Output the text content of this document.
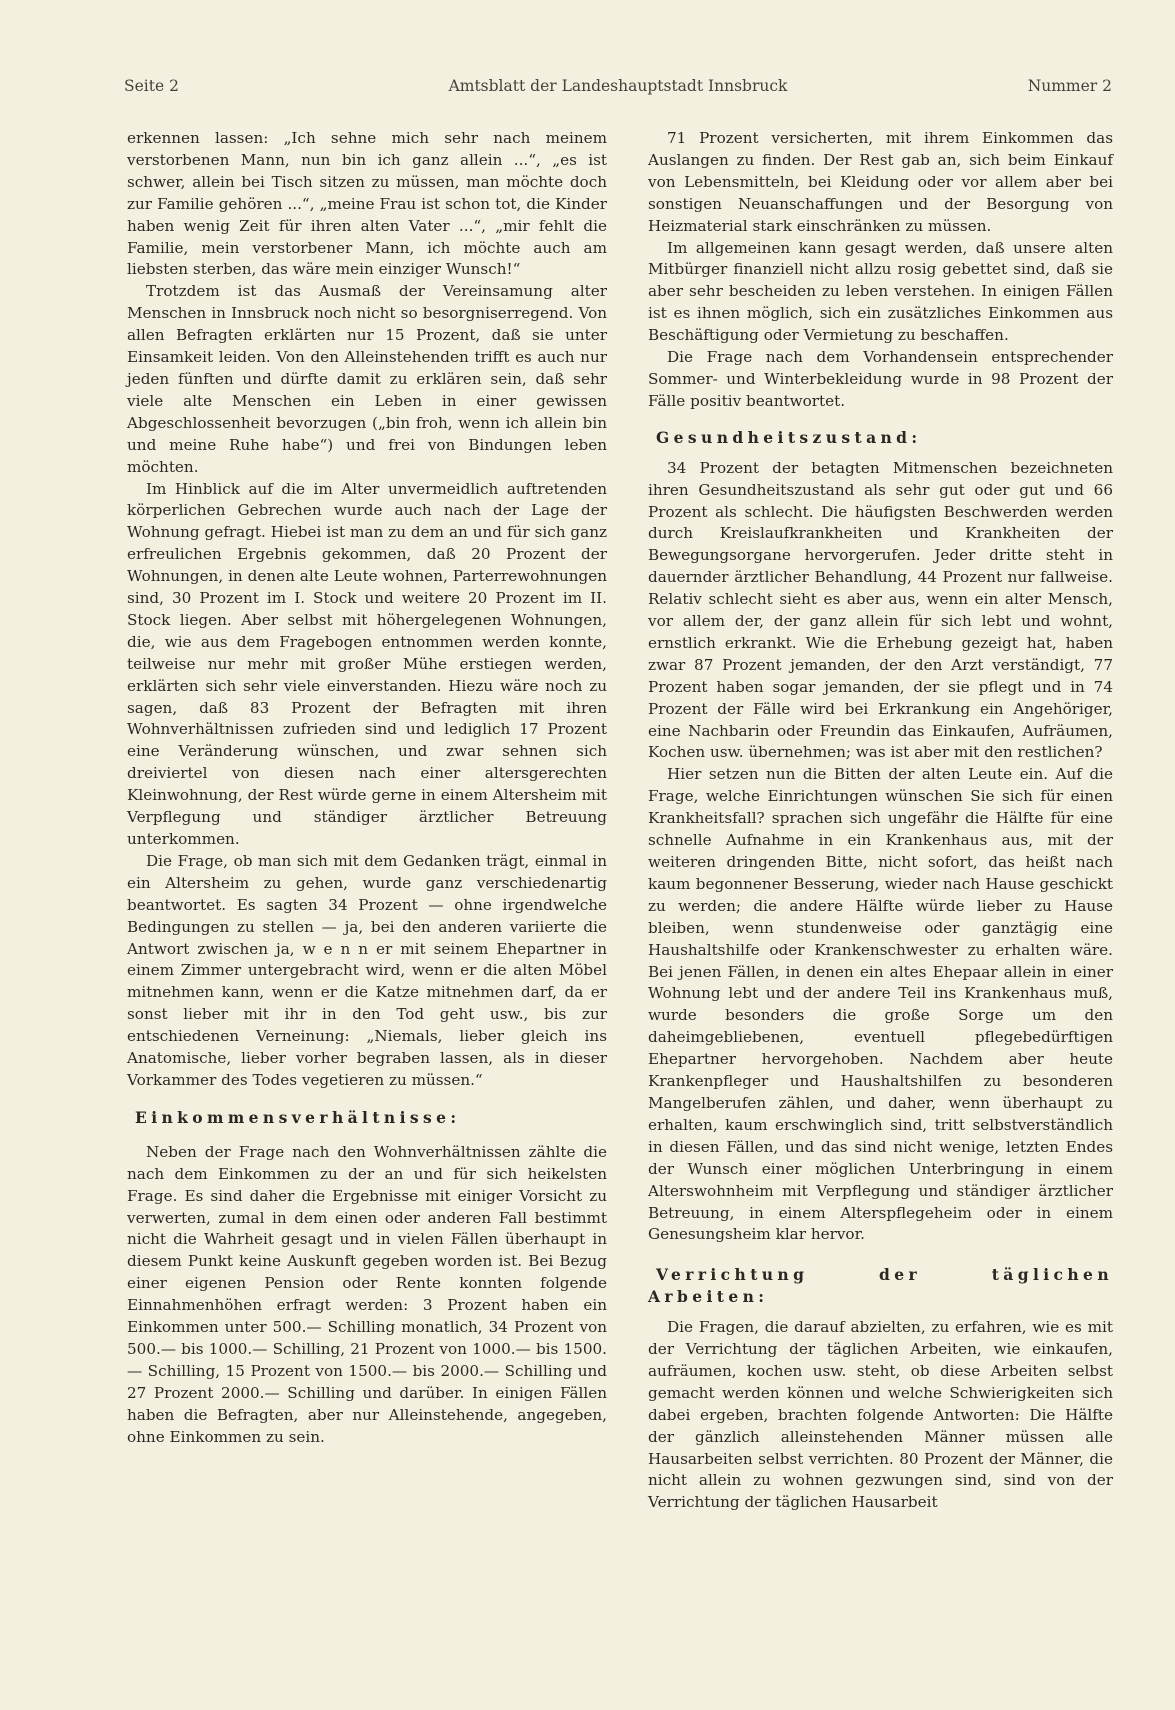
Seite 2	Amtsblatt der Landeshauptstadt Innsbruck	Nummer 2

erkennen lassen: „Ich sehne mich sehr nach meinem verstorbenen Mann, nun bin ich ganz allein ...“, „es ist schwer, allein bei Tisch sitzen zu müssen, man möchte doch zur Familie gehören ...“, „meine Frau ist schon tot, die Kinder haben wenig Zeit für ihren alten Vater ...“, „mir fehlt die Familie, mein verstorbener Mann, ich möchte auch am liebsten sterben, das wäre mein einziger Wunsch!“

Trotzdem ist das Ausmaß der Vereinsamung alter Menschen in Innsbruck noch nicht so besorgniserregend. Von allen Befragten erklärten nur 15 Prozent, daß sie unter Einsamkeit leiden. Von den Alleinstehenden trifft es auch nur jeden fünften und dürfte damit zu erklären sein, daß sehr viele alte Menschen ein Leben in einer gewissen Abgeschlossenheit bevorzugen („bin froh, wenn ich allein bin und meine Ruhe habe“) und frei von Bindungen leben möchten.

Im Hinblick auf die im Alter unvermeidlich auftretenden körperlichen Gebrechen wurde auch nach der Lage der Wohnung gefragt. Hiebei ist man zu dem an und für sich ganz erfreulichen Ergebnis gekommen, daß 20 Prozent der Wohnungen, in denen alte Leute wohnen, Parterrewohnungen sind, 30 Prozent im I. Stock und weitere 20 Prozent im II. Stock liegen. Aber selbst mit höhergelegenen Wohnungen, die, wie aus dem Fragebogen entnommen werden konnte, teilweise nur mehr mit großer Mühe erstiegen werden, erklärten sich sehr viele einverstanden. Hiezu wäre noch zu sagen, daß 83 Prozent der Befragten mit ihren Wohnverhältnissen zufrieden sind und lediglich 17 Prozent eine Veränderung wünschen, und zwar sehnen sich dreiviertel von diesen nach einer altersgerechten Kleinwohnung, der Rest würde gerne in einem Altersheim mit Verpflegung und ständiger ärztlicher Betreuung unterkommen.

Die Frage, ob man sich mit dem Gedanken trägt, einmal in ein Altersheim zu gehen, wurde ganz verschiedenartig beantwortet. Es sagten 34 Prozent — ohne irgendwelche Bedingungen zu stellen — ja, bei den anderen variierte die Antwort zwischen ja, w e n n er mit seinem Ehepartner in einem Zimmer untergebracht wird, wenn er die alten Möbel mitnehmen kann, wenn er die Katze mitnehmen darf, da er sonst lieber mit ihr in den Tod geht usw., bis zur entschiedenen Verneinung: „Niemals, lieber gleich ins Anatomische, lieber vorher begraben lassen, als in dieser Vorkammer des Todes vegetieren zu müssen.“

Einkommensverhältnisse:

Neben der Frage nach den Wohnverhältnissen zählte die nach dem Einkommen zu der an und für sich heikelsten Frage. Es sind daher die Ergebnisse mit einiger Vorsicht zu verwerten, zumal in dem einen oder anderen Fall bestimmt nicht die Wahrheit gesagt und in vielen Fällen überhaupt in diesem Punkt keine Auskunft gegeben worden ist. Bei Bezug einer eigenen Pension oder Rente konnten folgende Einnahmenhöhen erfragt werden: 3 Prozent haben ein Einkommen unter 500.— Schilling monatlich, 34 Prozent von 500.— bis 1000.— Schilling, 21 Prozent von 1000.— bis 1500.— Schilling, 15 Prozent von 1500.— bis 2000.— Schilling und 27 Prozent 2000.— Schilling und darüber. In einigen Fällen haben die Befragten, aber nur Alleinstehende, angegeben, ohne Einkommen zu sein.

71 Prozent versicherten, mit ihrem Einkommen das Auslangen zu finden. Der Rest gab an, sich beim Einkauf von Lebensmitteln, bei Kleidung oder vor allem aber bei sonstigen Neuanschaffungen und der Besorgung von Heizmaterial stark einschränken zu müssen.

Im allgemeinen kann gesagt werden, daß unsere alten Mitbürger finanziell nicht allzu rosig gebettet sind, daß sie aber sehr bescheiden zu leben verstehen. In einigen Fällen ist es ihnen möglich, sich ein zusätzliches Einkommen aus Beschäftigung oder Vermietung zu beschaffen.

Die Frage nach dem Vorhandensein entsprechender Sommer- und Winterbekleidung wurde in 98 Prozent der Fälle positiv beantwortet.

Gesundheitszustand:

34 Prozent der betagten Mitmenschen bezeichneten ihren Gesundheitszustand als sehr gut oder gut und 66 Prozent als schlecht. Die häufigsten Beschwerden werden durch Kreislaufkrankheiten und Krankheiten der Bewegungsorgane hervorgerufen. Jeder dritte steht in dauernder ärztlicher Behandlung, 44 Prozent nur fallweise. Relativ schlecht sieht es aber aus, wenn ein alter Mensch, vor allem der, der ganz allein für sich lebt und wohnt, ernstlich erkrankt. Wie die Erhebung gezeigt hat, haben zwar 87 Prozent jemanden, der den Arzt verständigt, 77 Prozent haben sogar jemanden, der sie pflegt und in 74 Prozent der Fälle wird bei Erkrankung ein Angehöriger, eine Nachbarin oder Freundin das Einkaufen, Aufräumen, Kochen usw. übernehmen; was ist aber mit den restlichen?

Hier setzen nun die Bitten der alten Leute ein. Auf die Frage, welche Einrichtungen wünschen Sie sich für einen Krankheitsfall? sprachen sich ungefähr die Hälfte für eine schnelle Aufnahme in ein Krankenhaus aus, mit der weiteren dringenden Bitte, nicht sofort, das heißt nach kaum begonnener Besserung, wieder nach Hause geschickt zu werden; die andere Hälfte würde lieber zu Hause bleiben, wenn stundenweise oder ganztägig eine Haushaltshilfe oder Krankenschwester zu erhalten wäre. Bei jenen Fällen, in denen ein altes Ehepaar allein in einer Wohnung lebt und der andere Teil ins Krankenhaus muß, wurde besonders die große Sorge um den daheimgebliebenen, eventuell pflegebedürftigen Ehepartner hervorgehoben. Nachdem aber heute Krankenpfleger und Haushaltshilfen zu besonderen Mangelberufen zählen, und daher, wenn überhaupt zu erhalten, kaum erschwinglich sind, tritt selbstverständlich in diesen Fällen, und das sind nicht wenige, letzten Endes der Wunsch einer möglichen Unterbringung in einem Alterswohnheim mit Verpflegung und ständiger ärztlicher Betreuung, in einem Alterspflegeheim oder in einem Genesungsheim klar hervor.

Verrichtung der täglichen Arbeiten:

Die Fragen, die darauf abzielten, zu erfahren, wie es mit der Verrichtung der täglichen Arbeiten, wie einkaufen, aufräumen, kochen usw. steht, ob diese Arbeiten selbst gemacht werden können und welche Schwierigkeiten sich dabei ergeben, brachten folgende Antworten: Die Hälfte der gänzlich alleinstehenden Männer müssen alle Hausarbeiten selbst verrichten. 80 Prozent der Männer, die nicht allein zu wohnen gezwungen sind, sind von der Verrichtung der täglichen Hausarbeit
